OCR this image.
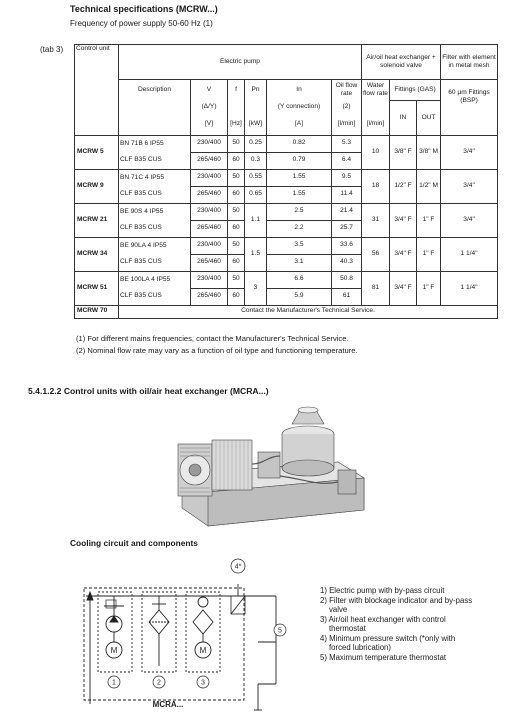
Technical specifications (MCRW...)
Frequency of power supply 50-60 Hz (1)
(tab 3) Control unit	Electric pump						Air/oil heat exchanger + solenoid valve			Filter with element in metal mesh
	Description	V	f	Pn	In	Oil flow rate	Water flow rate	Fittings (GAS)		60 µm Fittings (BSP)
		(Δ/Y)			(Y connection)	(2)		IN	OUT	
		[V]	[Hz]	[kW]	[A]	[l/min]	[l/min]			
MCRW 5	BN 71B 6 IP55	230/400	50	0.25	0.82	5.3	10	3/8" F	3/8" M	3/4"
	CLF B35 CUS	265/460	60	0.3	0.79	6.4				
MCRW 9	BN 71C 4 IP55	230/400	50	0.55	1.55	9.5	18	1/2" F	1/2" M	3/4"
	CLF B35 CUS	265/460	60	0.65	1.55	11.4				
MCRW 21	BE 90S 4 IP55	230/400	50	1.1	2.5	21.4	31	3/4" F	1" F	3/4"
	CLF B35 CUS	265/460	60		2.2	25.7				
MCRW 34	BE 90LA 4 IP55	230/400	50	1.5	3.5	33.6	56	3/4" F	1" F	1 1/4"
	CLF B35 CUS	265/460	60		3.1	40.3				
MCRW 51	BE 100LA 4 IP55	230/400	50	3	6.6	50.8	81	3/4" F	1" F	1 1/4"
	CLF B35 CUS	265/460	60		5.9	61				
MCRW 70	Contact the Manufacturer's Technical Service.									
(1) For different mains frequencies, contact the Manufacturer's Technical Service.
(2) Nominal flow rate may vary as a function of oil type and functioning temperature.
5.4.1.2.2 Control units with oil/air heat exchanger (MCRA...)
Cooling circuit and components
M	M
1	2	3
4*
5
MCRA...
1) Electric pump with by-pass circuit
2) Filter with blockage indicator and by-pass
valve
3) Air/oil heat exchanger with control
thermostat
4) Minimum pressure switch (*only with
forced lubrication)
5) Maximum temperature thermostat
